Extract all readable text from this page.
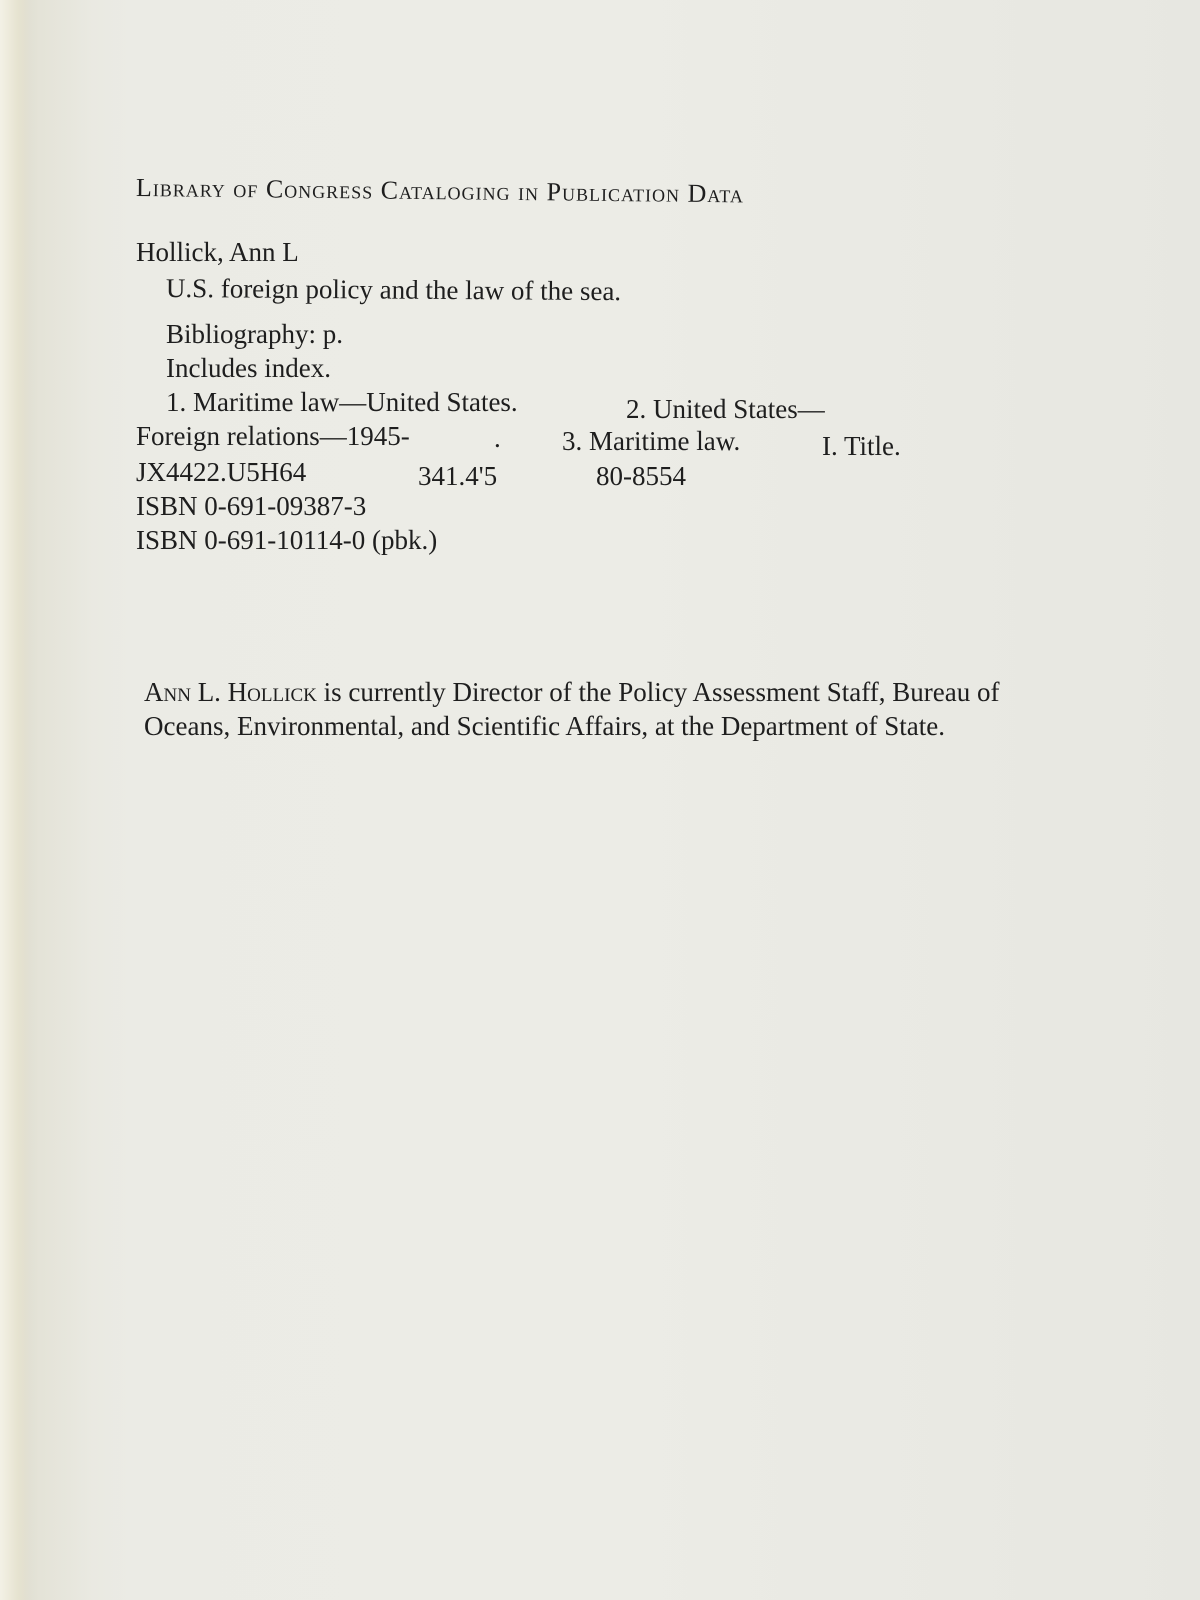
Library of Congress Cataloging in Publication Data
Hollick, Ann L
U.S. foreign policy and the law of the sea.
Bibliography: p.
Includes index.
1. Maritime law—United States.	2. United States—
Foreign relations—1945-	. 3. Maritime law.	I. Title.
JX4422.U5H64	341.4'5	80-8554
ISBN 0-691-09387-3
ISBN 0-691-10114-0 (pbk.)
Ann L. Hollick is currently Director of the Policy Assessment Staff, Bureau of
Oceans, Environmental, and Scientific Affairs, at the Department of State.
